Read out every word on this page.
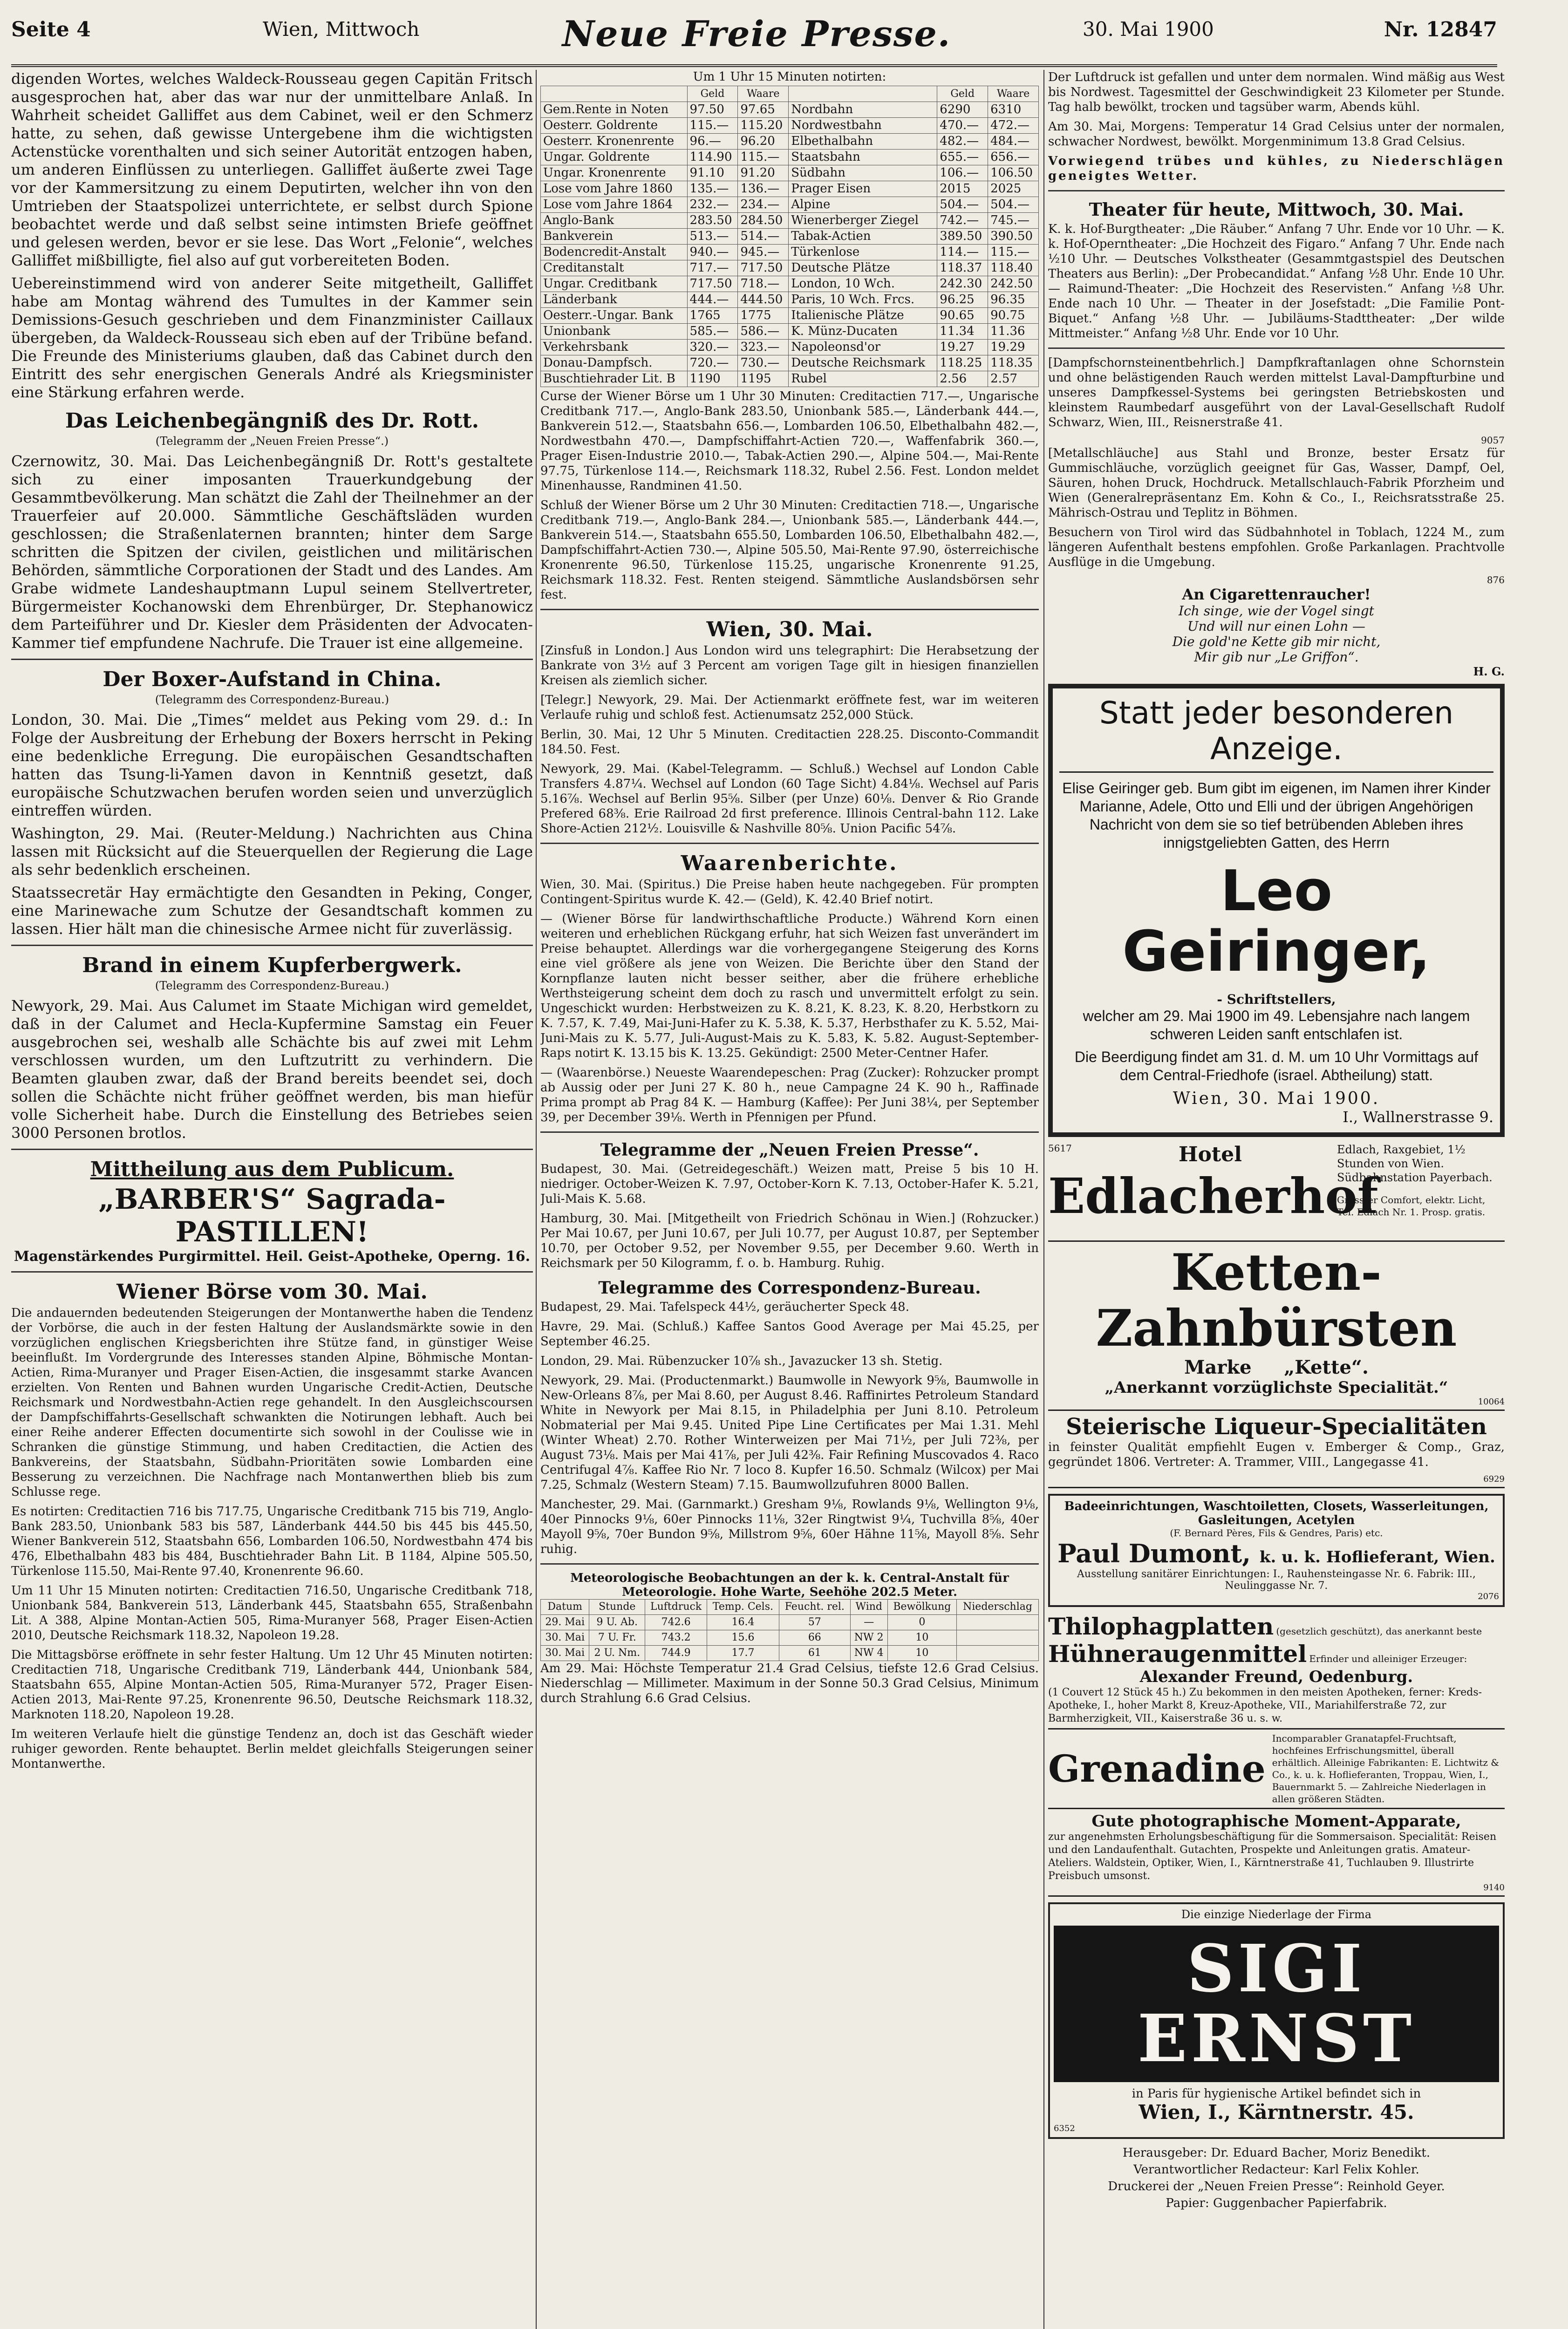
Seite 4	Wien, Mittwoch	Neue Freie Presse.	30. Mai 1900	Nr. 12847

digenden Wortes, welches Waldeck-Rousseau gegen Capitän Fritsch ausgesprochen hat, aber das war nur der unmittelbare Anlaß. In Wahrheit scheidet Galliffet aus dem Cabinet, weil er den Schmerz hatte, zu sehen, daß gewisse Untergebene ihm die wichtigsten Actenstücke vorenthalten und sich seiner Autorität entzogen haben, um anderen Einflüssen zu unterliegen. Galliffet äußerte zwei Tage vor der Kammersitzung zu einem Deputirten, welcher ihn von den Umtrieben der Staatspolizei unterrichtete, er selbst durch Spione beobachtet werde und daß selbst seine intimsten Briefe geöffnet und gelesen werden, bevor er sie lese. Das Wort „Felonie“, welches Galliffet mißbilligte, fiel also auf gut vorbereiteten Boden.

Uebereinstimmend wird von anderer Seite mitgetheilt, Galliffet habe am Montag während des Tumultes in der Kammer sein Demissions-Gesuch geschrieben und dem Finanzminister Caillaux übergeben, da Waldeck-Rousseau sich eben auf der Tribüne befand. Die Freunde des Ministeriums glauben, daß das Cabinet durch den Eintritt des sehr energischen Generals André als Kriegsminister eine Stärkung erfahren werde.

Das Leichenbegängniß des Dr. Rott.
(Telegramm der „Neuen Freien Presse“.)

Czernowitz, 30. Mai. Das Leichenbegängniß Dr. Rott's gestaltete sich zu einer imposanten Trauerkundgebung der Gesammtbevölkerung. Man schätzt die Zahl der Theilnehmer an der Trauerfeier auf 20.000. Sämmtliche Geschäftsläden wurden geschlossen; die Straßenlaternen brannten; hinter dem Sarge schritten die Spitzen der civilen, geistlichen und militärischen Behörden, sämmtliche Corporationen der Stadt und des Landes. Am Grabe widmete Landeshauptmann Lupul seinem Stellvertreter, Bürgermeister Kochanowski dem Ehrenbürger, Dr. Stephanowicz dem Parteiführer und Dr. Kiesler dem Präsidenten der Advocaten-Kammer tief empfundene Nachrufe. Die Trauer ist eine allgemeine.

Der Boxer-Aufstand in China.
(Telegramm des Correspondenz-Bureau.)

London, 30. Mai. Die „Times“ meldet aus Peking vom 29. d.: In Folge der Ausbreitung der Erhebung der Boxers herrscht in Peking eine bedenkliche Erregung. Die europäischen Gesandtschaften hatten das Tsung-li-Yamen davon in Kenntniß gesetzt, daß europäische Schutzwachen berufen worden seien und unverzüglich eintreffen würden.

Washington, 29. Mai. (Reuter-Meldung.) Nachrichten aus China lassen mit Rücksicht auf die Steuerquellen der Regierung die Lage als sehr bedenklich erscheinen.

Staatssecretär Hay ermächtigte den Gesandten in Peking, Conger, eine Marinewache zum Schutze der Gesandtschaft kommen zu lassen. Hier hält man die chinesische Armee nicht für zuverlässig.

Brand in einem Kupferbergwerk.
(Telegramm des Correspondenz-Bureau.)

Newyork, 29. Mai. Aus Calumet im Staate Michigan wird gemeldet, daß in der Calumet and Hecla-Kupfermine Samstag ein Feuer ausgebrochen sei, weshalb alle Schächte bis auf zwei mit Lehm verschlossen wurden, um den Luftzutritt zu verhindern. Die Beamten glauben zwar, daß der Brand bereits beendet sei, doch sollen die Schächte nicht früher geöffnet werden, bis man hiefür volle Sicherheit habe. Durch die Einstellung des Betriebes seien 3000 Personen brotlos.

Mittheilung aus dem Publicum.
„BARBER'S“ Sagrada- PASTILLEN!
Magenstärkendes Purgirmittel. Heil. Geist-Apotheke, Operng. 16.
Wiener Börse vom 30. Mai.

Die andauernden bedeutenden Steigerungen der Montanwerthe haben die Tendenz der Vorbörse, die auch in der festen Haltung der Auslandsmärkte sowie in den vorzüglichen englischen Kriegsberichten ihre Stütze fand, in günstiger Weise beeinflußt. Im Vordergrunde des Interesses standen Alpine, Böhmische Montan-Actien, Rima-Muranyer und Prager Eisen-Actien, die insgesammt starke Avancen erzielten. Von Renten und Bahnen wurden Ungarische Credit-Actien, Deutsche Reichsmark und Nordwestbahn-Actien rege gehandelt. In den Ausgleichscoursen der Dampfschiffahrts-Gesellschaft schwankten die Notirungen lebhaft. Auch bei einer Reihe anderer Effecten documentirte sich sowohl in der Coulisse wie in Schranken die günstige Stimmung, und haben Creditactien, die Actien des Bankvereins, der Staatsbahn, Südbahn-Prioritäten sowie Lombarden eine Besserung zu verzeichnen. Die Nachfrage nach Montanwerthen blieb bis zum Schlusse rege.

Es notirten: Creditactien 716 bis 717.75, Ungarische Creditbank 715 bis 719, Anglo-Bank 283.50, Unionbank 583 bis 587, Länderbank 444.50 bis 445 bis 445.50, Wiener Bankverein 512, Staatsbahn 656, Lombarden 106.50, Nordwestbahn 474 bis 476, Elbethalbahn 483 bis 484, Buschtiehrader Bahn Lit. B 1184, Alpine 505.50, Türkenlose 115.50, Mai-Rente 97.40, Kronenrente 96.60.

Um 11 Uhr 15 Minuten notirten: Creditactien 716.50, Ungarische Creditbank 718, Unionbank 584, Bankverein 513, Länderbank 445, Staatsbahn 655, Straßenbahn Lit. A 388, Alpine Montan-Actien 505, Rima-Muranyer 568, Prager Eisen-Actien 2010, Deutsche Reichsmark 118.32, Napoleon 19.28.

Die Mittagsbörse eröffnete in sehr fester Haltung. Um 12 Uhr 45 Minuten notirten: Creditactien 718, Ungarische Creditbank 719, Länderbank 444, Unionbank 584, Staatsbahn 655, Alpine Montan-Actien 505, Rima-Muranyer 572, Prager Eisen-Actien 2013, Mai-Rente 97.25, Kronenrente 96.50, Deutsche Reichsmark 118.32, Marknoten 118.20, Napoleon 19.28.

Im weiteren Verlaufe hielt die günstige Tendenz an, doch ist das Geschäft wieder ruhiger geworden. Rente behauptet. Berlin meldet gleichfalls Steigerungen seiner Montanwerthe.

Um 1 Uhr 15 Minuten notirten:
	Geld	Waare		Geld	Waare
Gem.Rente in Noten	97.50	97.65	Nordbahn	6290	6310
Oesterr. Goldrente	115.—	115.20	Nordwestbahn	470.—	472.—
Oesterr. Kronenrente	96.—	96.20	Elbethalbahn	482.—	484.—
Ungar. Goldrente	114.90	115.—	Staatsbahn	655.—	656.—
Ungar. Kronenrente	91.10	91.20	Südbahn	106.—	106.50
Lose vom Jahre 1860	135.—	136.—	Prager Eisen	2015	2025
Lose vom Jahre 1864	232.—	234.—	Alpine	504.—	504.—
Anglo-Bank	283.50	284.50	Wienerberger Ziegel	742.—	745.—
Bankverein	513.—	514.—	Tabak-Actien	389.50	390.50
Bodencredit-Anstalt	940.—	945.—	Türkenlose	114.—	115.—
Creditanstalt	717.—	717.50	Deutsche Plätze	118.37	118.40
Ungar. Creditbank	717.50	718.—	London, 10 Wch.	242.30	242.50
Länderbank	444.—	444.50	Paris, 10 Wch. Frcs.	96.25	96.35
Oesterr.-Ungar. Bank	1765	1775	Italienische Plätze	90.65	90.75
Unionbank	585.—	586.—	K. Münz-Ducaten	11.34	11.36
Verkehrsbank	320.—	323.—	Napoleonsd'or	19.27	19.29
Donau-Dampfsch.	720.—	730.—	Deutsche Reichsmark	118.25	118.35
Buschtiehrader Lit. B	1190	1195	Rubel	2.56	2.57

Curse der Wiener Börse um 1 Uhr 30 Minuten: Creditactien 717.—, Ungarische Creditbank 717.—, Anglo-Bank 283.50, Unionbank 585.—, Länderbank 444.—, Bankverein 512.—, Staatsbahn 656.—, Lombarden 106.50, Elbethalbahn 482.—, Nordwestbahn 470.—, Dampfschiffahrt-Actien 720.—, Waffenfabrik 360.—, Prager Eisen-Industrie 2010.—, Tabak-Actien 290.—, Alpine 504.—, Mai-Rente 97.75, Türkenlose 114.—, Reichsmark 118.32, Rubel 2.56. Fest. London meldet Minenhausse, Randminen 41.50.

Schluß der Wiener Börse um 2 Uhr 30 Minuten: Creditactien 718.—, Ungarische Creditbank 719.—, Anglo-Bank 284.—, Unionbank 585.—, Länderbank 444.—, Bankverein 514.—, Staatsbahn 655.50, Lombarden 106.50, Elbethalbahn 482.—, Dampfschiffahrt-Actien 730.—, Alpine 505.50, Mai-Rente 97.90, österreichische Kronenrente 96.50, Türkenlose 115.25, ungarische Kronenrente 91.25, Reichsmark 118.32. Fest. Renten steigend. Sämmtliche Auslandsbörsen sehr fest.

Wien, 30. Mai.

[Zinsfuß in London.] Aus London wird uns telegraphirt: Die Herabsetzung der Bankrate von 3½ auf 3 Percent am vorigen Tage gilt in hiesigen finanziellen Kreisen als ziemlich sicher.

[Telegr.] Newyork, 29. Mai. Der Actienmarkt eröffnete fest, war im weiteren Verlaufe ruhig und schloß fest. Actienumsatz 252,000 Stück.

Berlin, 30. Mai, 12 Uhr 5 Minuten. Creditactien 228.25. Disconto-Commandit 184.50. Fest.

Newyork, 29. Mai. (Kabel-Telegramm. — Schluß.) Wechsel auf London Cable Transfers 4.87¼. Wechsel auf London (60 Tage Sicht) 4.84⅛. Wechsel auf Paris 5.16⅞. Wechsel auf Berlin 95⅝. Silber (per Unze) 60⅛. Denver & Rio Grande Prefered 68⅜. Erie Railroad 2d first preference. Illinois Central-bahn 112. Lake Shore-Actien 212½. Louisville & Nashville 80⅝. Union Pacific 54⅞.

Waarenberichte.

Wien, 30. Mai. (Spiritus.) Die Preise haben heute nachgegeben. Für prompten Contingent-Spiritus wurde K. 42.— (Geld), K. 42.40 Brief notirt.

— (Wiener Börse für landwirthschaftliche Producte.) Während Korn einen weiteren und erheblichen Rückgang erfuhr, hat sich Weizen fast unverändert im Preise behauptet. Allerdings war die vorhergegangene Steigerung des Korns eine viel größere als jene von Weizen. Die Berichte über den Stand der Kornpflanze lauten nicht besser seither, aber die frühere erhebliche Werthsteigerung scheint dem doch zu rasch und unvermittelt erfolgt zu sein. Ungeschickt wurden: Herbstweizen zu K. 8.21, K. 8.23, K. 8.20, Herbstkorn zu K. 7.57, K. 7.49, Mai-Juni-Hafer zu K. 5.38, K. 5.37, Herbsthafer zu K. 5.52, Mai-Juni-Mais zu K. 5.77, Juli-August-Mais zu K. 5.83, K. 5.82. August-September-Raps notirt K. 13.15 bis K. 13.25. Gekündigt: 2500 Meter-Centner Hafer.

— (Waarenbörse.) Neueste Waarendepeschen: Prag (Zucker): Rohzucker prompt ab Aussig oder per Juni 27 K. 80 h., neue Campagne 24 K. 90 h., Raffinade Prima prompt ab Prag 84 K. — Hamburg (Kaffee): Per Juni 38¼, per September 39, per December 39⅛. Werth in Pfennigen per Pfund.

Telegramme der „Neuen Freien Presse“.

Budapest, 30. Mai. (Getreidegeschäft.) Weizen matt, Preise 5 bis 10 H. niedriger. October-Weizen K. 7.97, October-Korn K. 7.13, October-Hafer K. 5.21, Juli-Mais K. 5.68.

Hamburg, 30. Mai. [Mitgetheilt von Friedrich Schönau in Wien.] (Rohzucker.) Per Mai 10.67, per Juni 10.67, per Juli 10.77, per August 10.87, per September 10.70, per October 9.52, per November 9.55, per December 9.60. Werth in Reichsmark per 50 Kilogramm, f. o. b. Hamburg. Ruhig.

Telegramme des Correspondenz-Bureau.

Budapest, 29. Mai. Tafelspeck 44½, geräucherter Speck 48.

Havre, 29. Mai. (Schluß.) Kaffee Santos Good Average per Mai 45.25, per September 46.25.

London, 29. Mai. Rübenzucker 10⅞ sh., Javazucker 13 sh. Stetig.

Newyork, 29. Mai. (Productenmarkt.) Baumwolle in Newyork 9⅝, Baumwolle in New-Orleans 8⅞, per Mai 8.60, per August 8.46. Raffinirtes Petroleum Standard White in Newyork per Mai 8.15, in Philadelphia per Juni 8.10. Petroleum Nobmaterial per Mai 9.45. United Pipe Line Certificates per Mai 1.31. Mehl (Winter Wheat) 2.70. Rother Winterweizen per Mai 71½, per Juli 72⅜, per August 73⅛. Mais per Mai 41⅞, per Juli 42⅜. Fair Refining Muscovados 4. Raco Centrifugal 4⅞. Kaffee Rio Nr. 7 loco 8. Kupfer 16.50. Schmalz (Wilcox) per Mai 7.25, Schmalz (Western Steam) 7.15. Baumwollzufuhren 8000 Ballen.

Manchester, 29. Mai. (Garnmarkt.) Gresham 9⅛, Rowlands 9⅛, Wellington 9⅛, 40er Pinnocks 9⅛, 60er Pinnocks 11⅛, 32er Ringtwist 9¼, Tuchvilla 8⅝, 40er Mayoll 9⅝, 70er Bundon 9⅝, Millstrom 9⅝, 60er Hähne 11⅝, Mayoll 8⅝. Sehr ruhig.

Meteorologische Beobachtungen an der k. k. Central-Anstalt für Meteorologie. Hohe Warte, Seehöhe 202.5 Meter.
Datum	Stunde	Luftdruck	Temp. Cels.	Feucht. rel.	Wind	Bewölkung	Niederschlag
29. Mai	9 U. Ab.	742.6	16.4	57	—	0	
30. Mai	7 U. Fr.	743.2	15.6	66	NW 2	10	
30. Mai	2 U. Nm.	744.9	17.7	61	NW 4	10	

Am 29. Mai: Höchste Temperatur 21.4 Grad Celsius, tiefste 12.6 Grad Celsius. Niederschlag — Millimeter. Maximum in der Sonne 50.3 Grad Celsius, Minimum durch Strahlung 6.6 Grad Celsius.

Der Luftdruck ist gefallen und unter dem normalen. Wind mäßig aus West bis Nordwest. Tagesmittel der Geschwindigkeit 23 Kilometer per Stunde. Tag halb bewölkt, trocken und tagsüber warm, Abends kühl.

Am 30. Mai, Morgens: Temperatur 14 Grad Celsius unter der normalen, schwacher Nordwest, bewölkt. Morgenminimum 13.8 Grad Celsius.

Vorwiegend trübes und kühles, zu Niederschlägen geneigtes Wetter.

Theater für heute, Mittwoch, 30. Mai.

K. k. Hof-Burgtheater: „Die Räuber.“ Anfang 7 Uhr. Ende vor 10 Uhr. — K. k. Hof-Operntheater: „Die Hochzeit des Figaro.“ Anfang 7 Uhr. Ende nach ½10 Uhr. — Deutsches Volkstheater (Gesammtgastspiel des Deutschen Theaters aus Berlin): „Der Probecandidat.“ Anfang ½8 Uhr. Ende 10 Uhr. — Raimund-Theater: „Die Hochzeit des Reservisten.“ Anfang ½8 Uhr. Ende nach 10 Uhr. — Theater in der Josefstadt: „Die Familie Pont-Biquet.“ Anfang ½8 Uhr. — Jubiläums-Stadttheater: „Der wilde Mittmeister.“ Anfang ½8 Uhr. Ende vor 10 Uhr.

[Dampfschornsteinentbehrlich.] Dampfkraftanlagen ohne Schornstein und ohne belästigenden Rauch werden mittelst Laval-Dampfturbine und unseres Dampfkessel-Systems bei geringsten Betriebskosten und kleinstem Raumbedarf ausgeführt von der Laval-Gesellschaft Rudolf Schwarz, Wien, III., Reisnerstraße 41.

9057

[Metallschläuche] aus Stahl und Bronze, bester Ersatz für Gummischläuche, vorzüglich geeignet für Gas, Wasser, Dampf, Oel, Säuren, hohen Druck, Hochdruck. Metallschlauch-Fabrik Pforzheim und Wien (Generalrepräsentanz Em. Kohn & Co., I., Reichsratsstraße 25. Mährisch-Ostrau und Teplitz in Böhmen.

Besuchern von Tirol wird das Südbahnhotel in Toblach, 1224 M., zum längeren Aufenthalt bestens empfohlen. Große Parkanlagen. Prachtvolle Ausflüge in die Umgebung.

876
An Cigarettenraucher!
Ich singe, wie der Vogel singt
Und will nur einen Lohn —
Die gold'ne Kette gib mir nicht,
Mir gib nur „Le Griffon“.
H. G.
Statt jeder besonderen Anzeige.

Elise Geiringer geb. Bum gibt im eigenen, im Namen ihrer Kinder Marianne, Adele, Otto und Elli und der übrigen Angehörigen Nachricht von dem sie so tief betrübenden Ableben ihres innigstgeliebten Gatten, des Herrn

Leo Geiringer,
- Schriftstellers,

welcher am 29. Mai 1900 im 49. Lebensjahre nach langem schweren Leiden sanft entschlafen ist.

Die Beerdigung findet am 31. d. M. um 10 Uhr Vormittags auf dem Central-Friedhofe (israel. Abtheilung) statt.

Wien, 30. Mai 1900.
I., Wallnerstrasse 9.
5617	Hotel
Edlacherhof
Edlach, Raxgebiet, 1½ Stunden von Wien. Südbahnstation Payerbach.
Grösster Comfort, elektr. Licht, Tel. Edlach Nr. 1. Prosp. gratis.
Ketten-Zahnbürsten
Marke „Kette“.
„Anerkannt vorzüglichste Specialität.“
10064
Steierische Liqueur-Specialitäten

in feinster Qualität empfiehlt Eugen v. Emberger & Comp., Graz, gegründet 1806. Vertreter: A. Trammer, VIII., Langegasse 41.

6929
Badeeinrichtungen, Waschtoiletten, Closets, Wasserleitungen, Gasleitungen, Acetylen
(F. Bernard Pères, Fils & Gendres, Paris) etc.
Paul Dumont, k. u. k. Hoflieferant, Wien.
Ausstellung sanitärer Einrichtungen: I., Rauhensteingasse Nr. 6. Fabrik: III., Neulinggasse Nr. 7.
2076
Thilophagplatten (gesetzlich geschützt), das anerkannt beste
Hühneraugenmittel Erfinder und alleiniger Erzeuger:
Alexander Freund, Oedenburg.
(1 Couvert 12 Stück 45 h.) Zu bekommen in den meisten Apotheken, ferner: Kreds-Apotheke, I., hoher Markt 8, Kreuz-Apotheke, VII., Mariahilferstraße 72, zur Barmherzigkeit, VII., Kaiserstraße 36 u. s. w.
Grenadine
Incomparabler Granatapfel-Fruchtsaft, hochfeines Erfrischungsmittel, überall erhältlich. Alleinige Fabrikanten: E. Lichtwitz & Co., k. u. k. Hoflieferanten, Troppau, Wien, I., Bauernmarkt 5. — Zahlreiche Niederlagen in allen größeren Städten.
Gute photographische Moment-Apparate,
zur angenehmsten Erholungsbeschäftigung für die Sommersaison. Specialität: Reisen und den Landaufenthalt. Gutachten, Prospekte und Anleitungen gratis. Amateur-Ateliers. Waldstein, Optiker, Wien, I., Kärntnerstraße 41, Tuchlauben 9. Illustrirte Preisbuch umsonst.
9140
Die einzige Niederlage der Firma
SIGI ERNST
in Paris für hygienische Artikel befindet sich in
Wien, I., Kärntnerstr. 45.
6352
Herausgeber: Dr. Eduard Bacher, Moriz Benedikt.
Verantwortlicher Redacteur: Karl Felix Kohler.
Druckerei der „Neuen Freien Presse“: Reinhold Geyer.
Papier: Guggenbacher Papierfabrik.
